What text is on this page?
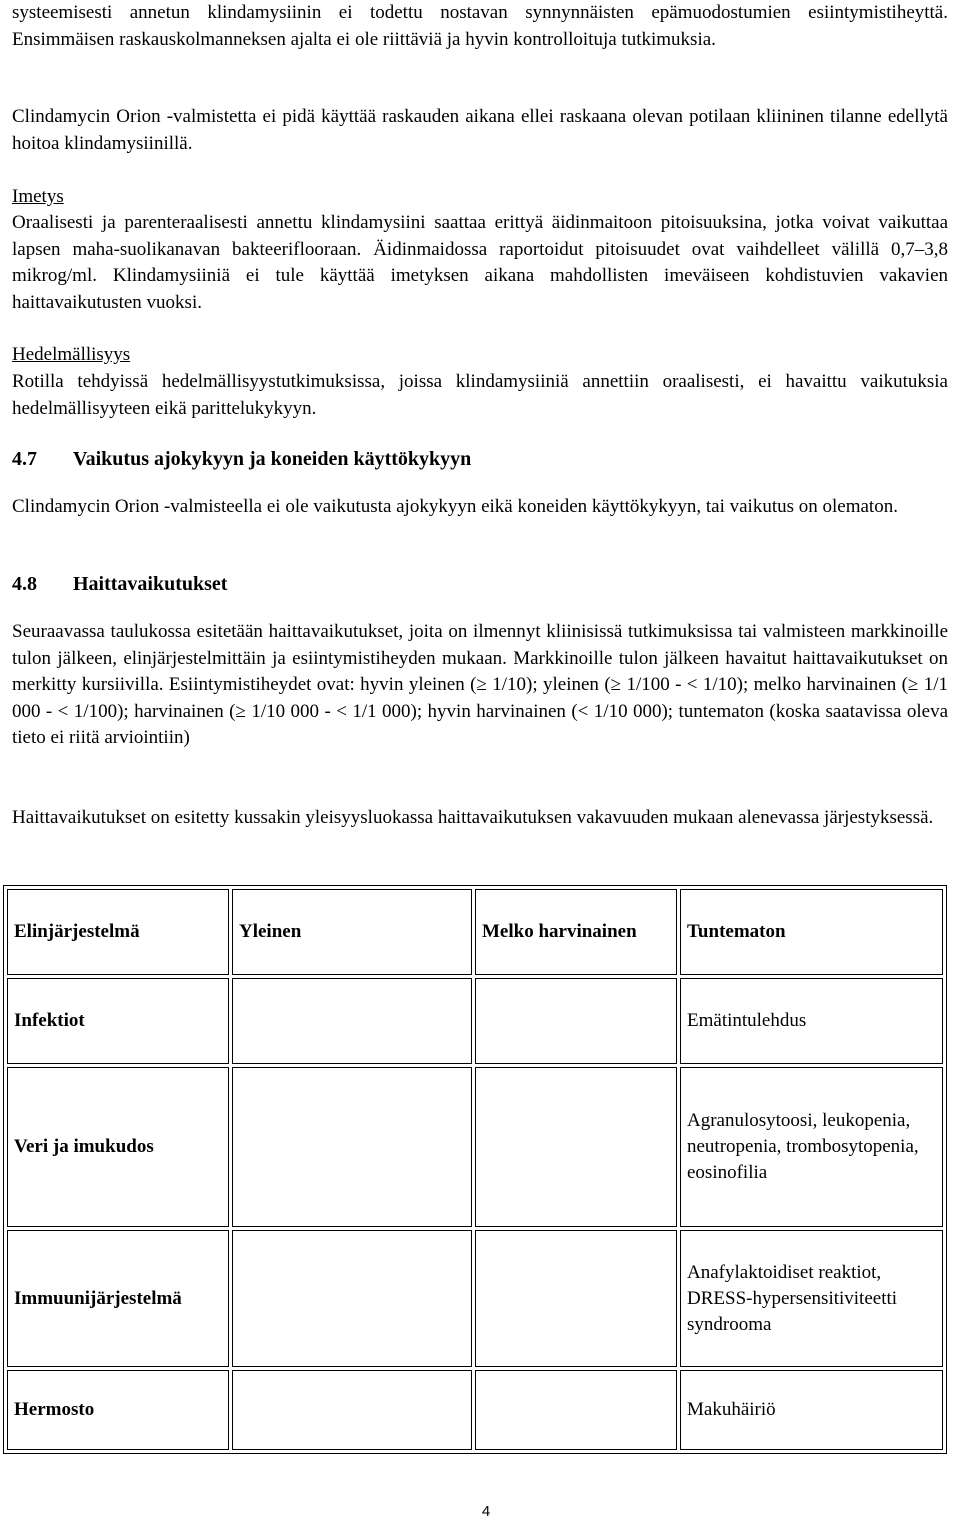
systeemisesti annetun klindamysiinin ei todettu nostavan synnynnäisten epämuodostumien esiintymistiheyttä. Ensimmäisen raskauskolmanneksen ajalta ei ole riittäviä ja hyvin kontrolloituja tutkimuksia.

Clindamycin Orion -valmistetta ei pidä käyttää raskauden aikana ellei raskaana olevan potilaan kliininen tilanne edellytä hoitoa klindamysiinillä.

Imetys

Oraalisesti ja parenteraalisesti annettu klindamysiini saattaa erittyä äidinmaitoon pitoisuuksina, jotka voivat vaikuttaa lapsen maha-suolikanavan bakteeriflooraan. Äidinmaidossa raportoidut pitoisuudet ovat vaihdelleet välillä 0,7–3,8 mikrog/ml. Klindamysiiniä ei tule käyttää imetyksen aikana mahdollisten imeväiseen kohdistuvien vakavien haittavaikutusten vuoksi.

Hedelmällisyys

Rotilla tehdyissä hedelmällisyystutkimuksissa, joissa klindamysiiniä annettiin oraalisesti, ei havaittu vaikutuksia hedelmällisyyteen eikä parittelukykyyn.

4.7 Vaikutus ajokykyyn ja koneiden käyttökykyyn

Clindamycin Orion -valmisteella ei ole vaikutusta ajokykyyn eikä koneiden käyttökykyyn, tai vaikutus on olematon.

4.8 Haittavaikutukset

Seuraavassa taulukossa esitetään haittavaikutukset, joita on ilmennyt kliinisissä tutkimuksissa tai valmisteen markkinoille tulon jälkeen, elinjärjestelmittäin ja esiintymistiheyden mukaan. Markkinoille tulon jälkeen havaitut haittavaikutukset on merkitty kursiivilla. Esiintymistiheydet ovat: hyvin yleinen (≥ 1/10); yleinen (≥ 1/100 - < 1/10); melko harvinainen (≥ 1/1 000 - < 1/100); harvinainen (≥ 1/10 000 - < 1/1 000); hyvin harvinainen (< 1/10 000); tuntematon (koska saatavissa oleva tieto ei riitä arviointiin)

Haittavaikutukset on esitetty kussakin yleisyysluokassa haittavaikutuksen vakavuuden mukaan alenevassa järjestyksessä.

Elinjärjestelmä	Yleinen	Melko harvinainen	Tuntematon
Infektiot			Emätintulehdus
Veri ja imukudos			Agranulosytoosi, leukopenia, neutropenia, trombosytopenia, eosinofilia
Immuunijärjestelmä			Anafylaktoidiset reaktiot, DRESS-hypersensitiviteetti syndrooma
Hermosto			Makuhäiriö
4
